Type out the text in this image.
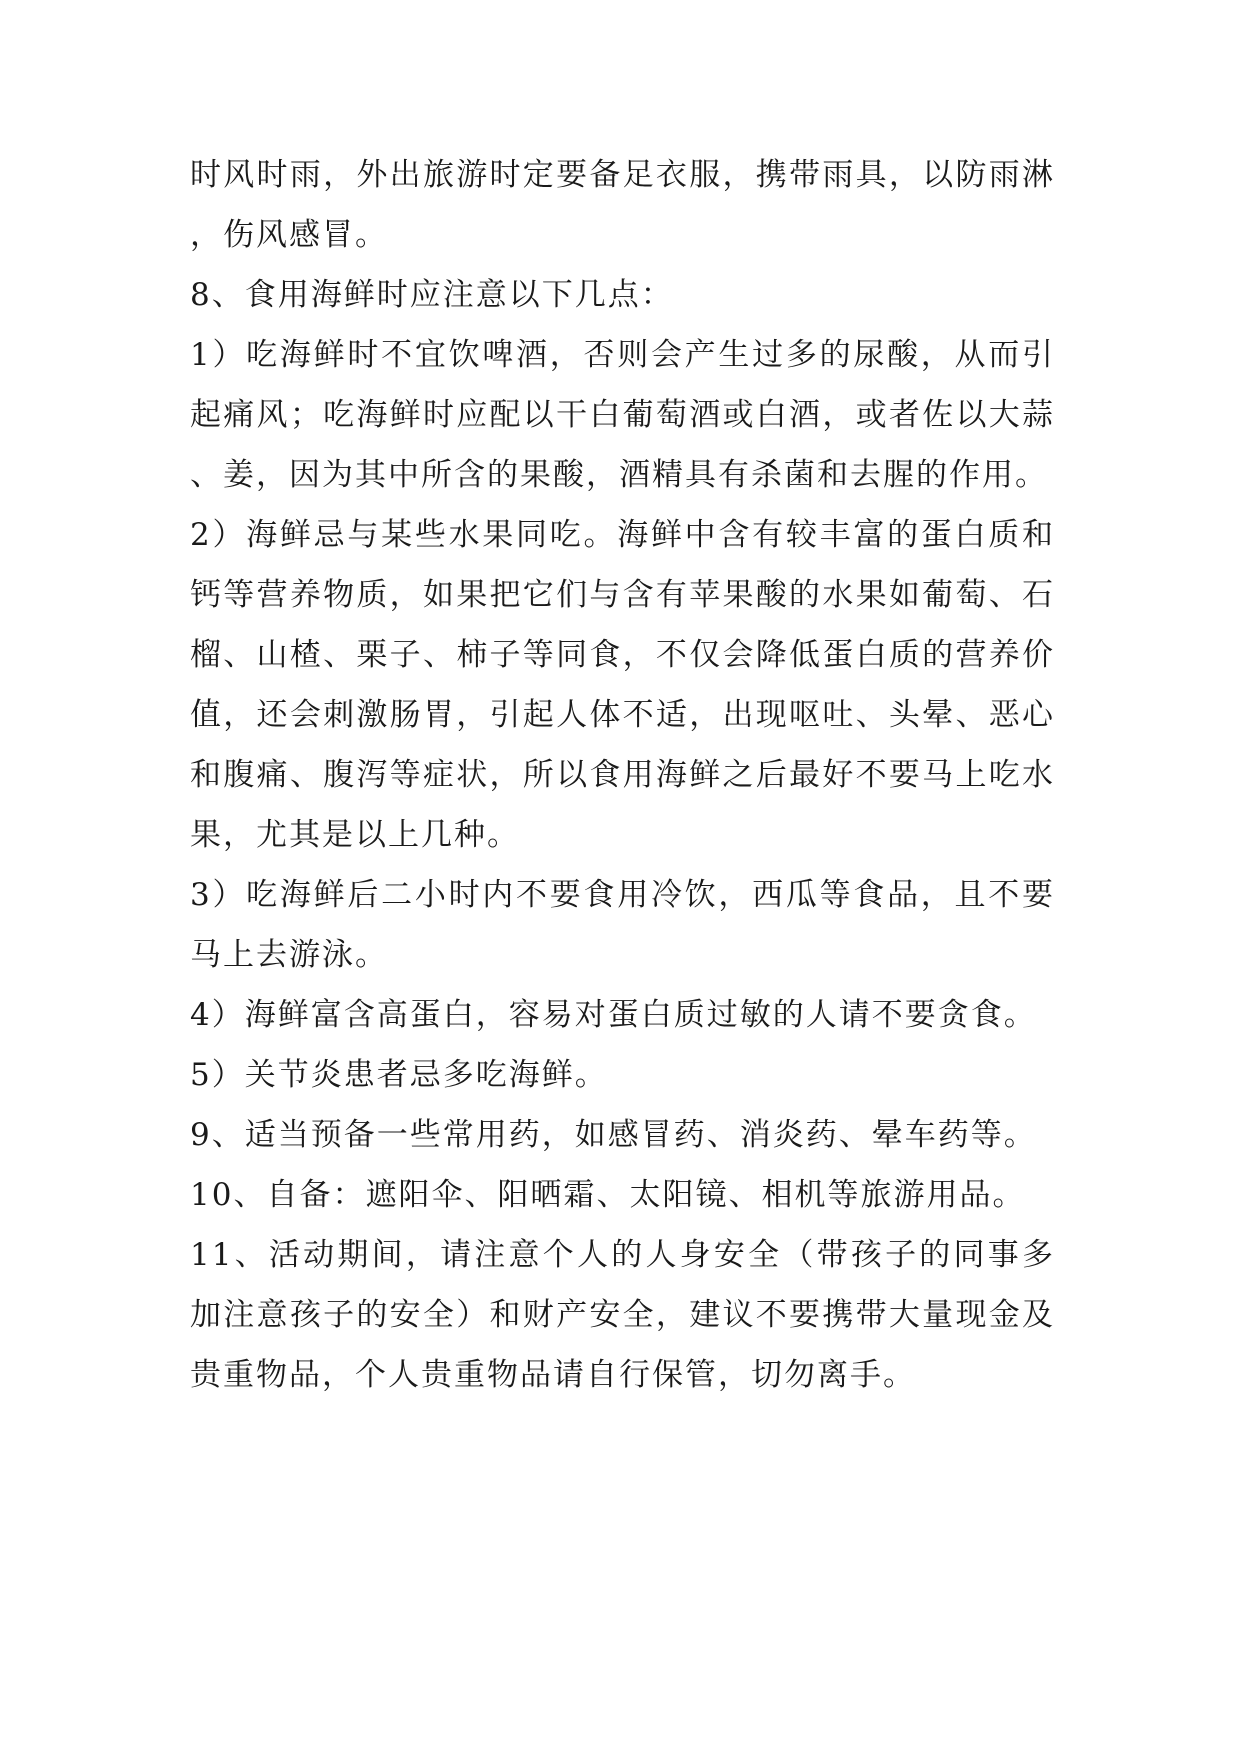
时风时雨，外出旅游时定要备足衣服，携带雨具，以防雨淋，伤风感冒。

8、食用海鲜时应注意以下几点：

1）吃海鲜时不宜饮啤酒，否则会产生过多的尿酸，从而引起痛风；吃海鲜时应配以干白葡萄酒或白酒，或者佐以大蒜、姜，因为其中所含的果酸，酒精具有杀菌和去腥的作用。

2）海鲜忌与某些水果同吃。海鲜中含有较丰富的蛋白质和钙等营养物质，如果把它们与含有苹果酸的水果如葡萄、石榴、山楂、栗子、柿子等同食，不仅会降低蛋白质的营养价值，还会刺激肠胃，引起人体不适，出现呕吐、头晕、恶心和腹痛、腹泻等症状，所以食用海鲜之后最好不要马上吃水果，尤其是以上几种。

3）吃海鲜后二小时内不要食用冷饮，西瓜等食品，且不要马上去游泳。

4）海鲜富含高蛋白，容易对蛋白质过敏的人请不要贪食。

5）关节炎患者忌多吃海鲜。

9、适当预备一些常用药，如感冒药、消炎药、晕车药等。

10、自备：遮阳伞、阳晒霜、太阳镜、相机等旅游用品。

11、活动期间，请注意个人的人身安全（带孩子的同事多加注意孩子的安全）和财产安全，建议不要携带大量现金及贵重物品，个人贵重物品请自行保管，切勿离手。
